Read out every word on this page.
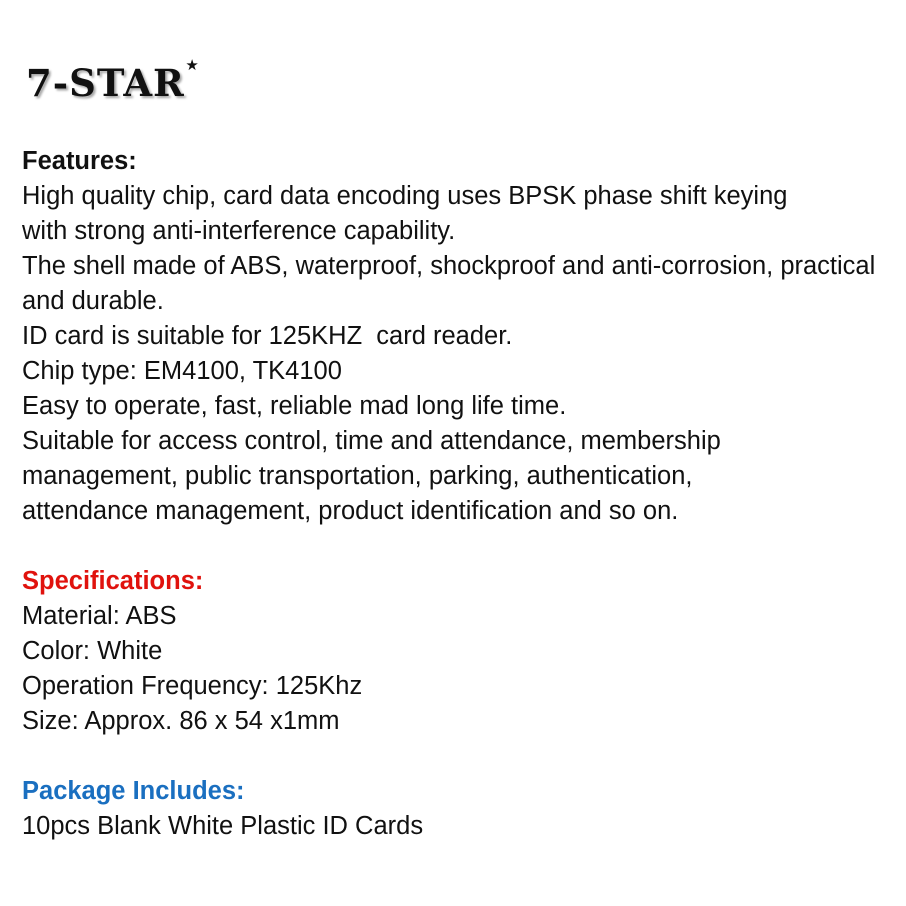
7-STAR ★

Features:

High quality chip, card data encoding uses BPSK phase shift keying with strong anti-interference capability.

The shell made of ABS, waterproof, shockproof and anti-corrosion, practical and durable.

ID card is suitable for 125KHZ  card reader.

Chip type: EM4100, TK4100

Easy to operate, fast, reliable mad long life time.

Suitable for access control, time and attendance, membership management, public transportation, parking, authentication, attendance management, product identification and so on.

Specifications:

Material: ABS

Color: White

Operation Frequency: 125Khz

Size: Approx. 86 x 54 x1mm

Package Includes:

10pcs Blank White Plastic ID Cards
